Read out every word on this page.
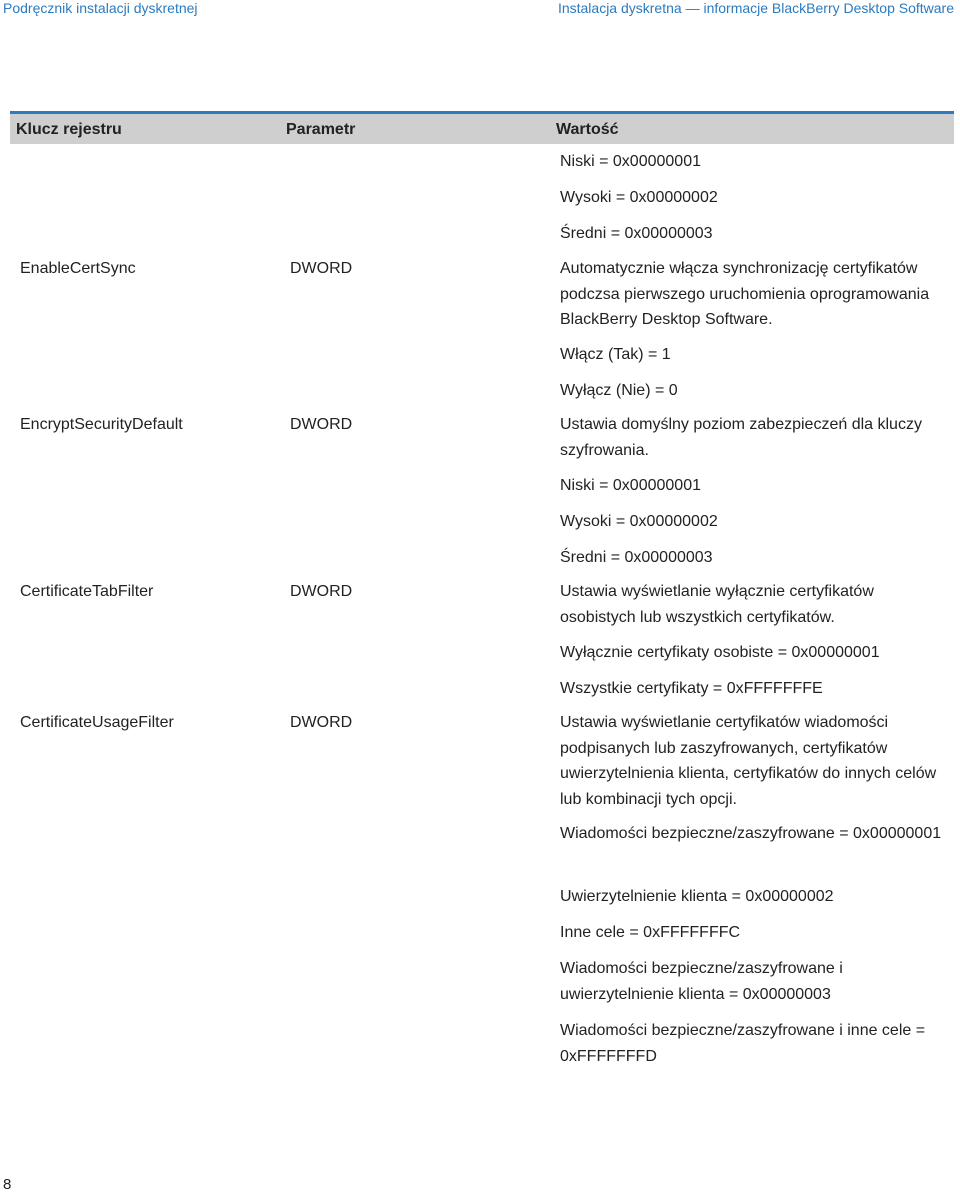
Podręcznik instalacji dyskretnej	Instalacja dyskretna — informacje BlackBerry Desktop Software
Klucz rejestru	Parametr	Wartość
Niski = 0x00000001
Wysoki = 0x00000002
Średni = 0x00000003
EnableCertSync	DWORD	Automatycznie włącza synchronizację certyfikatów podczsa pierwszego uruchomienia oprogramowania BlackBerry Desktop Software.
Włącz (Tak) = 1
Wyłącz (Nie) = 0
EncryptSecurityDefault	DWORD	Ustawia domyślny poziom zabezpieczeń dla kluczy szyfrowania.
Niski = 0x00000001
Wysoki = 0x00000002
Średni = 0x00000003
CertificateTabFilter	DWORD	Ustawia wyświetlanie wyłącznie certyfikatów osobistych lub wszystkich certyfikatów.
Wyłącznie certyfikaty osobiste = 0x00000001
Wszystkie certyfikaty = 0xFFFFFFFE
CertificateUsageFilter	DWORD	Ustawia wyświetlanie certyfikatów wiadomości podpisanych lub zaszyfrowanych, certyfikatów uwierzytelnienia klienta, certyfikatów do innych celów lub kombinacji tych opcji.
Wiadomości bezpieczne/zaszyfrowane = 0x00000001
Uwierzytelnienie klienta = 0x00000002
Inne cele = 0xFFFFFFFC
Wiadomości bezpieczne/zaszyfrowane i uwierzytelnienie klienta = 0x00000003
Wiadomości bezpieczne/zaszyfrowane i inne cele = 0xFFFFFFFD
8
